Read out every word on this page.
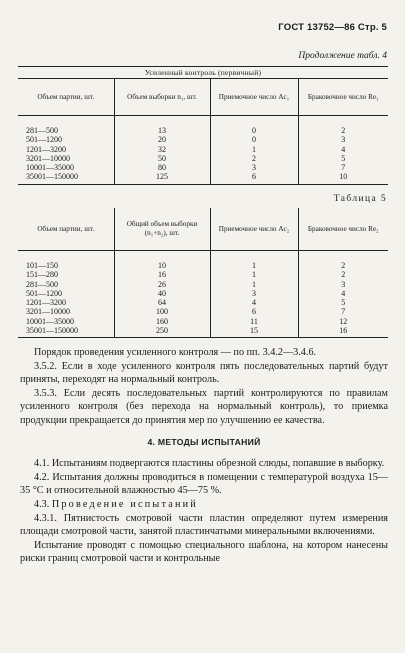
ГОСТ 13752—86 Стр. 5
Продолжение табл. 4
Усиленный контроль (первичный)			
Объем партии, шт.	Объем выборки n₁, шт.	Приемочное число Ac₁	Браковочное число Re₁

281—500	13	0	2
501—1200	20	0	3
1201—3200	32	1	4
3201—10000	50	2	5
10001—35000	80	3	7
35001—150000	125	6	10

Таблица 5
Объем партии, шт.	Общий объем выборки (n₁+n₂), шт.	Приемочное число Ac₂	Браковочное число Re₂

101—150	10	1	2
151—280	16	1	2
281—500	26	1	3
501—1200	40	3	4
1201—3200	64	4	5
3201—10000	100	6	7
10001—35000	160	11	12
35001—150000	250	15	16

Порядок проведения усиленного контроля — по пп. 3.4.2—3.4.6.

3.5.2. Если в ходе усиленного контроля пять последовательных партий будут приняты, переходят на нормальный контроль.

3.5.3. Если десять последовательных партий контролируются по правилам усиленного контроля (без перехода на нормальный контроль), то приемка продукции прекращается до принятия мер по улучшению ее качества.

4. МЕТОДЫ ИСПЫТАНИЙ

4.1. Испытаниям подвергаются пластины обрезной слюды, попавшие в выборку.

4.2. Испытания должны проводиться в помещении с температурой воздуха 15—35 °С и относительной влажностью 45—75 %.

4.3. Проведение испытаний

4.3.1. Пятнистость смотровой части пластин определяют путем измерения площади смотровой части, занятой пластинчатыми минеральными включениями.

Испытание проводят с помощью специального шаблона, на котором нанесены риски границ смотровой части и контрольные
